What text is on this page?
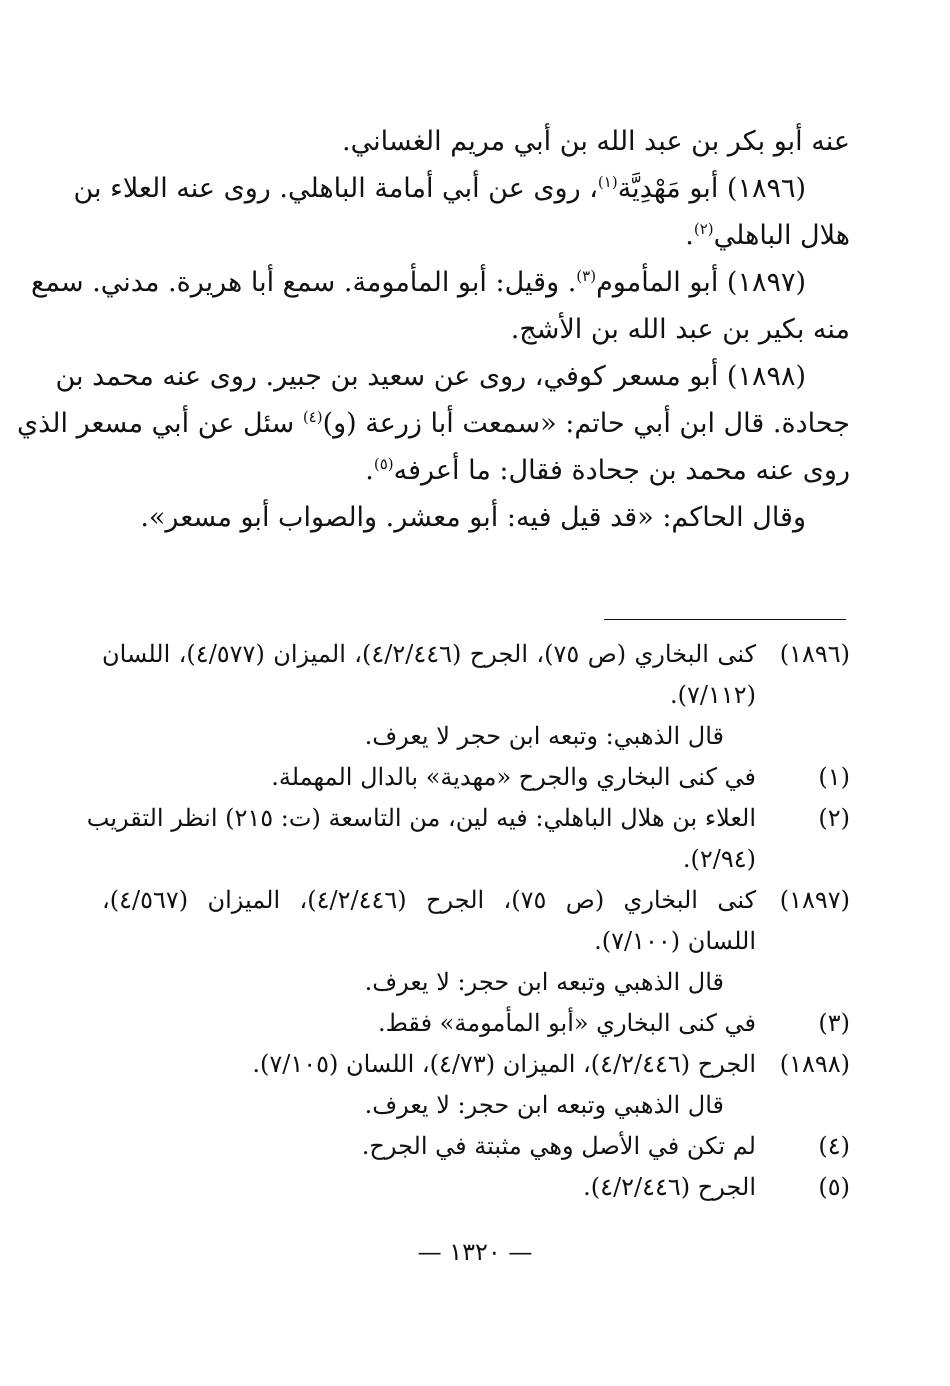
عنه أبو بكر بن عبد الله بن أبي مريم الغساني.
(١٨٩٦) أبو مَهْدِيَّة$^{(١)}$، روى عن أبي أمامة الباهلي. روى عنه العلاء بن
هلال الباهلي$^{(٢)}$.
(١٨٩٧) أبو المأموم$^{(٣)}$. وقيل: أبو المأمومة. سمع أبا هريرة. مدني. سمع
منه بكير بن عبد الله بن الأشج.
(١٨٩٨) أبو مسعر كوفي، روى عن سعيد بن جبير. روى عنه محمد بن
جحادة. قال ابن أبي حاتم: «سمعت أبا زرعة (و)$^{(٤)}$ سئل عن أبي مسعر الذي
روى عنه محمد بن جحادة فقال: ما أعرفه$^{(٥)}$.
وقال الحاكم: «قد قيل فيه: أبو معشر. والصواب أبو مسعر».
(١٨٩٦)
كنى البخاري (ص ٧٥)، الجرح (٤/٢/٤٤٦)، الميزان (٤/٥٧٧)، اللسان
(٧/١١٢).
قال الذهبي: وتبعه ابن حجر لا يعرف.
(١)
في كنى البخاري والجرح «مهدية» بالدال المهملة.
(٢)
العلاء بن هلال الباهلي: فيه لين، من التاسعة (ت: ٢١٥) انظر التقريب
(٢/٩٤).
(١٨٩٧)
كنى البخاري (ص ٧٥)، الجرح (٤/٢/٤٤٦)، الميزان (٤/٥٦٧)،
اللسان (٧/١٠٠).
قال الذهبي وتبعه ابن حجر: لا يعرف.
(٣)
في كنى البخاري «أبو المأمومة» فقط.
(١٨٩٨)
الجرح (٤/٢/٤٤٦)، الميزان (٤/٧٣)، اللسان (٧/١٠٥).
قال الذهبي وتبعه ابن حجر: لا يعرف.
(٤)
لم تكن في الأصل وهي مثبتة في الجرح.
(٥)
الجرح (٤/٢/٤٤٦).
— ١٣٢٠ —
